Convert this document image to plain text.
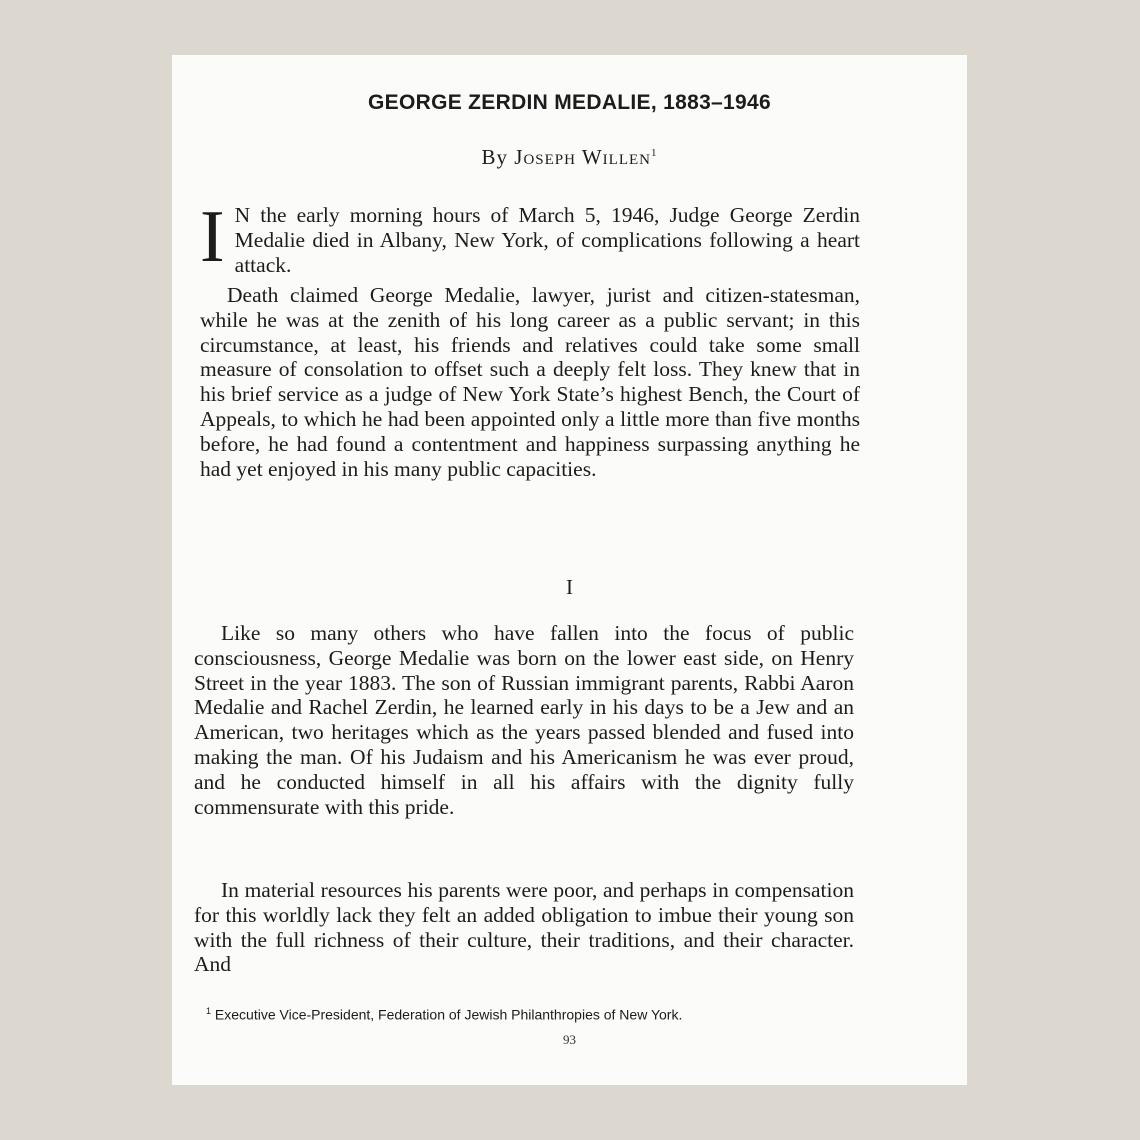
GEORGE ZERDIN MEDALIE, 1883–1946

By Joseph Willen$^1$

I N the early morning hours of March 5, 1946, Judge George Zerdin Medalie died in Albany, New York, of complications following a heart attack.

Death claimed George Medalie, lawyer, jurist and citizen-statesman, while he was at the zenith of his long career as a public servant; in this circumstance, at least, his friends and relatives could take some small measure of consolation to offset such a deeply felt loss. They knew that in his brief service as a judge of New York State’s highest Bench, the Court of Appeals, to which he had been appointed only a little more than five months before, he had found a contentment and happiness surpassing anything he had yet enjoyed in his many public capacities.

I

Like so many others who have fallen into the focus of public consciousness, George Medalie was born on the lower east side, on Henry Street in the year 1883. The son of Russian immigrant parents, Rabbi Aaron Medalie and Rachel Zerdin, he learned early in his days to be a Jew and an American, two heritages which as the years passed blended and fused into making the man. Of his Judaism and his Americanism he was ever proud, and he conducted himself in all his affairs with the dignity fully commensurate with this pride.

In material resources his parents were poor, and perhaps in compensation for this worldly lack they felt an added obligation to imbue their young son with the full richness of their culture, their traditions, and their character. And

$^1$ Executive Vice-President, Federation of Jewish Philanthropies of New York.

93
